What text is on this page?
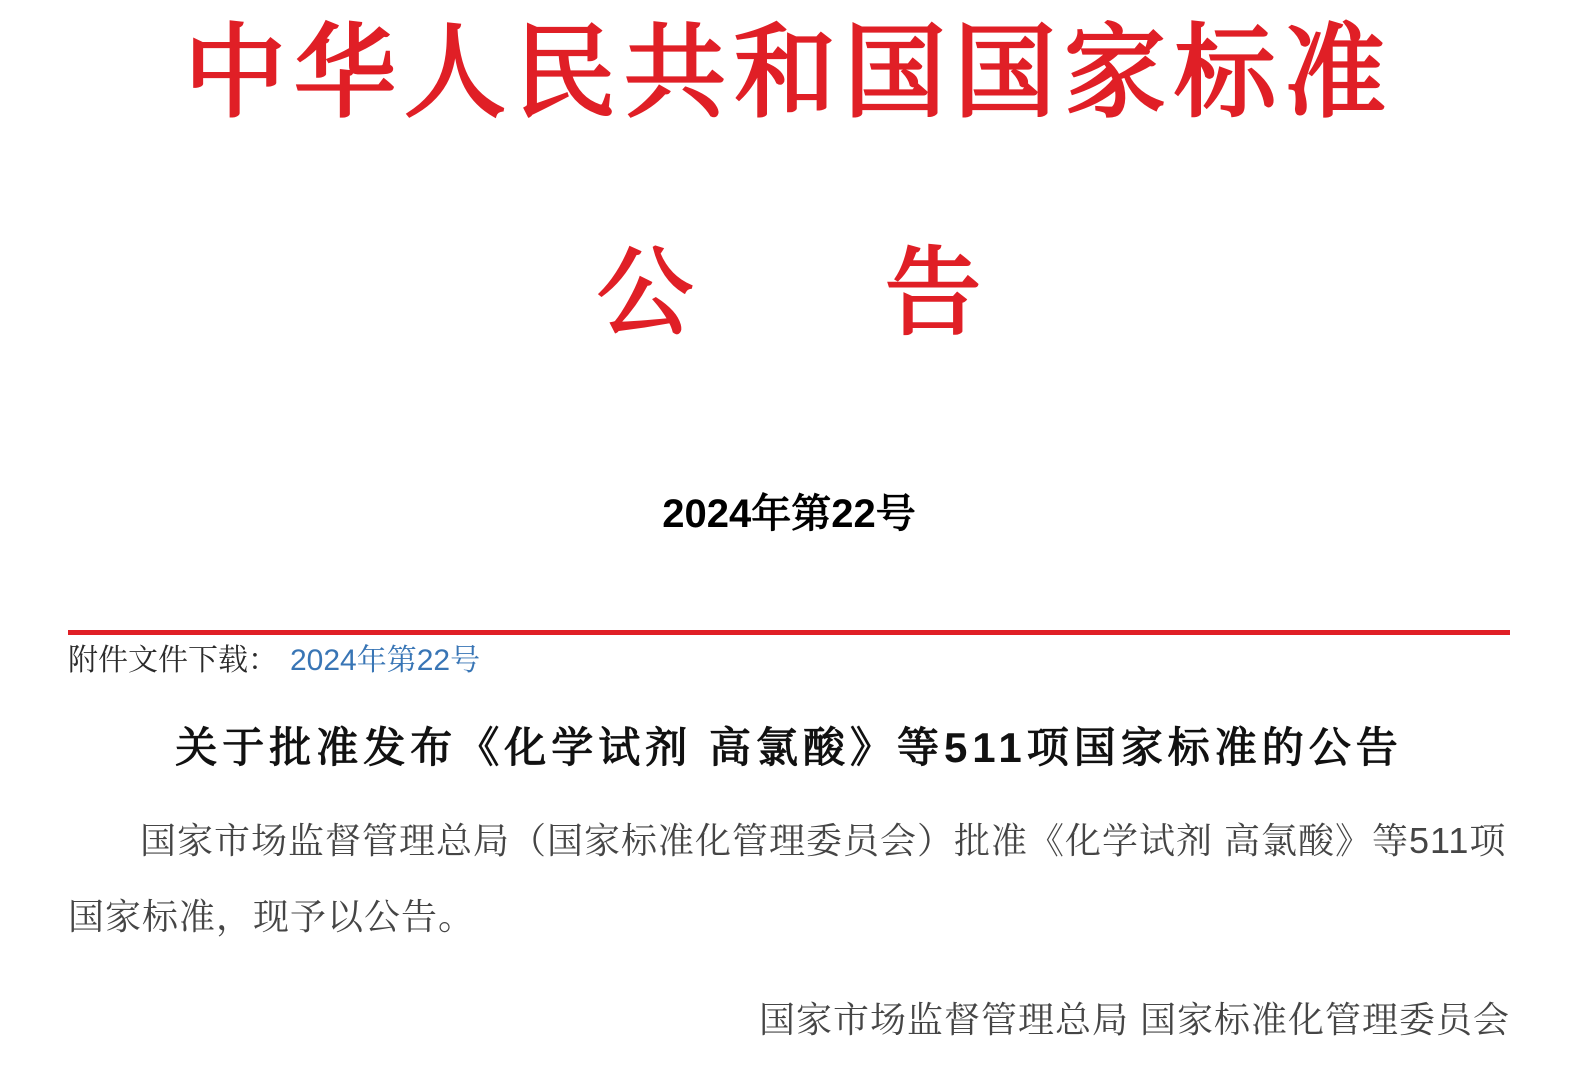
中华人民共和国国家标准
公　　告
2024年第22号
附件文件下载： 2024年第22号
关于批准发布《化学试剂 高氯酸》等511项国家标准的公告

国家市场监督管理总局（国家标准化管理委员会）批准《化学试剂 高氯酸》等511项国家标准，现予以公告。

国家市场监督管理总局 国家标准化管理委员会
